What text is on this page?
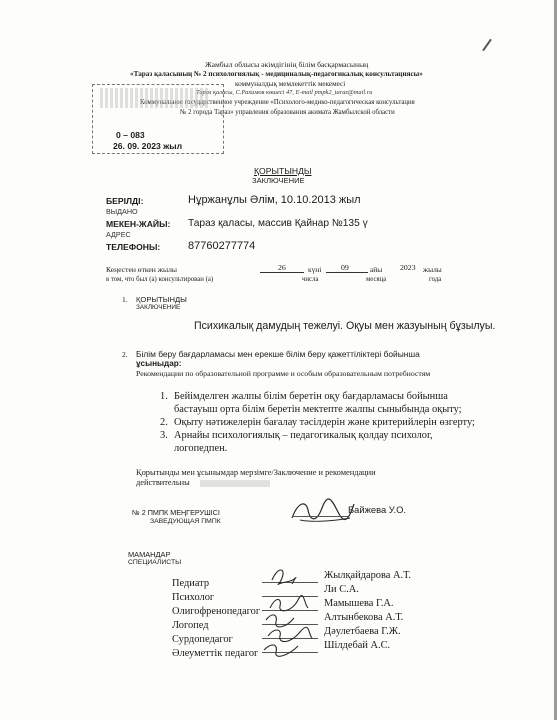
Жамбыл облысы әкімдігінің білім басқармасының
«Тараз қаласының № 2 психологиялық - медициналық-педагогикалық консультациясы»
коммуналдық мемлекеттік мекемесі
Тараз қаласы, С.Рахимов көшесі 47, E-mail pmpk2_taraz@mail.ru
Коммунальное государственное учреждение «Психолого-медико-педагогическая консультация
№ 2 города Тараз» управления образования акимата Жамбылской области
0 – 083
26. 09. 2023 жыл
ҚОРЫТЫНДЫ
ЗАКЛЮЧЕНИЕ
БЕРІЛДІ:
ВЫДАНО
Нұржанұлы Әлім, 10.10.2013 жыл
МЕКЕН-ЖАЙЫ:
АДРЕС
Тараз қаласы, массив Қайнар №135 ү
ТЕЛЕФОНЫ:	87760277774
Кеңестен өткен жылы
в том, что был (а) консультирован (а)
26	күні
числа
09	айы
месяца
2023 жылы
года
1. ҚОРЫТЫНДЫ
ЗАКЛЮЧЕНИЕ
Психикалық дамудың тежелуі. Оқуы мен жазуының бұзылуы.
2. Білім беру бағдарламасы мен ерекше білім беру қажеттіліктері бойынша
ұсыныдар:
Рекомендации по образовательной программе и особым образовательным потребностям
1. Бейімделген жалпы білім беретін оқу бағдарламасы бойынша
бастауыш орта білім беретін мектепте жалпы сыныбында оқыту;
2. Оқыту нәтижелерін бағалау тәсілдерін және критерийлерін өзгерту;
3. Арнайы психологиялық – педагогикалық қолдау психолог,
логопедпен.
Қорытынды мен ұсынымдар мерзімге/Заключение и рекомендации
действительны
№ 2 ПМПК МЕҢГЕРУШІСІ
ЗАВЕДУЮЩАЯ ПМПК
Байжева У.О.
МАМАНДАР
СПЕЦИАЛИСТЫ
Педиатр
Жылқайдарова А.Т.
Психолог
Ли С.А.
Олигофренопедагог
Мамышева Г.А.
Логопед
Алтынбекова А.Т.
Сурдопедагог
Дәулетбаева Г.Ж.
Әлеуметтік педагог
Шілдебай А.С.
